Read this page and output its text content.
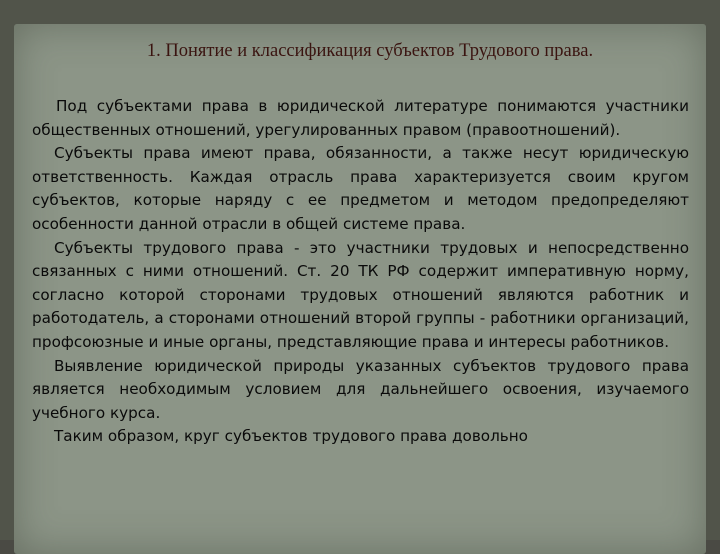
1. Понятие и классификация субъектов Трудового права.

Под субъектами права в юридической литературе понимаются участники общественных отношений, урегулированных правом (правоотношений).

Субъекты права имеют права, обязанности, а также несут юридическую ответственность. Каждая отрасль права характеризуется своим кругом субъектов, которые наряду с ее предметом и методом предопределяют особенности данной отрасли в общей системе права.

Субъекты трудового права - это участники трудовых и непосредственно связанных с ними отношений. Ст. 20 ТК РФ содержит императивную норму, согласно которой сторонами трудовых отношений являются работник и работодатель, а сторонами отношений второй группы - работники организаций, профсоюзные и иные органы, представляющие права и интересы работников.

Выявление юридической природы указанных субъектов трудового права является необходимым условием для дальнейшего освоения, изучаемого учебного курса.

Таким образом, круг субъектов трудового права довольно
